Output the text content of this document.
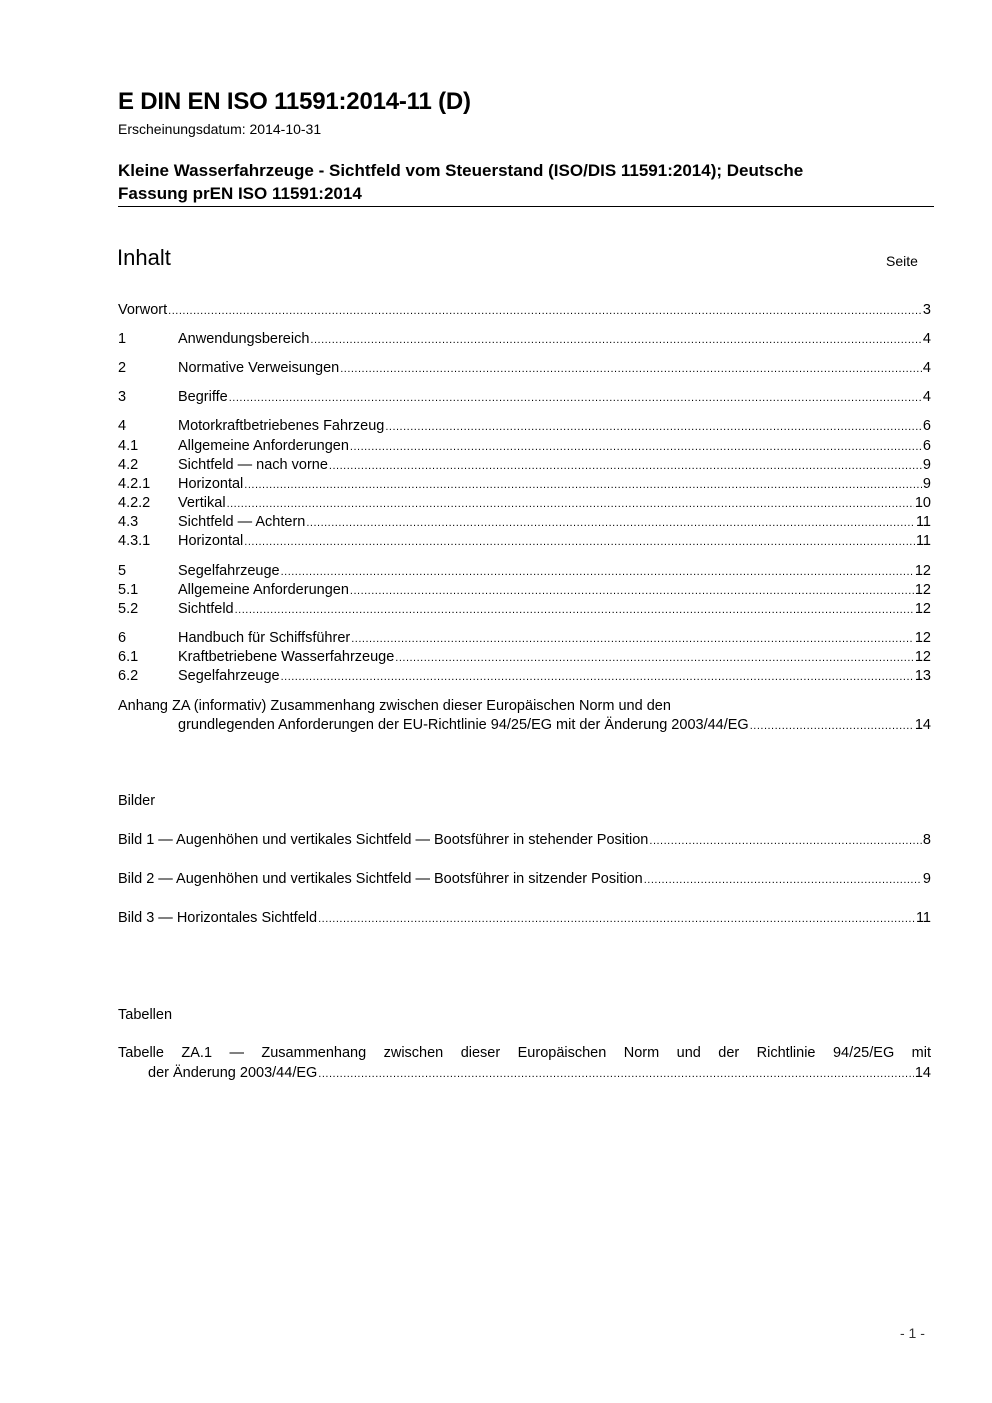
E DIN EN ISO 11591:2014-11 (D)
Erscheinungsdatum: 2014-10-31
Kleine Wasserfahrzeuge - Sichtfeld vom Steuerstand (ISO/DIS 11591:2014); Deutsche
Fassung prEN ISO 11591:2014
Inhalt	Seite
Vorwort .....	3
1	Anwendungsbereich .....	4
2	Normative Verweisungen .....	4
3	Begriffe .....	4
4	Motorkraftbetriebenes Fahrzeug .....	6
4.1	Allgemeine Anforderungen .....	6
4.2	Sichtfeld — nach vorne .....	9
4.2.1	Horizontal .....	9
4.2.2	Vertikal .....	10
4.3	Sichtfeld — Achtern .....	11
4.3.1	Horizontal .....	11
5	Segelfahrzeuge .....	12
5.1	Allgemeine Anforderungen .....	12
5.2	Sichtfeld .....	12
6	Handbuch für Schiffsführer .....	12
6.1	Kraftbetriebene Wasserfahrzeuge .....	12
6.2	Segelfahrzeuge .....	13
Anhang ZA (informativ) Zusammenhang zwischen dieser Europäischen Norm und den
grundlegenden Anforderungen der EU-Richtlinie 94/25/EG mit der Änderung 2003/44/EG .....	14
Bilder
Bild 1 — Augenhöhen und vertikales Sichtfeld — Bootsführer in stehender Position .....	8
Bild 2 — Augenhöhen und vertikales Sichtfeld — Bootsführer in sitzender Position .....	9
Bild 3 — Horizontales Sichtfeld .....	11
Tabellen
Tabelle ZA.1 — Zusammenhang zwischen dieser Europäischen Norm und der Richtlinie 94/25/EG mit
der Änderung 2003/44/EG .....	14
- 1 -
